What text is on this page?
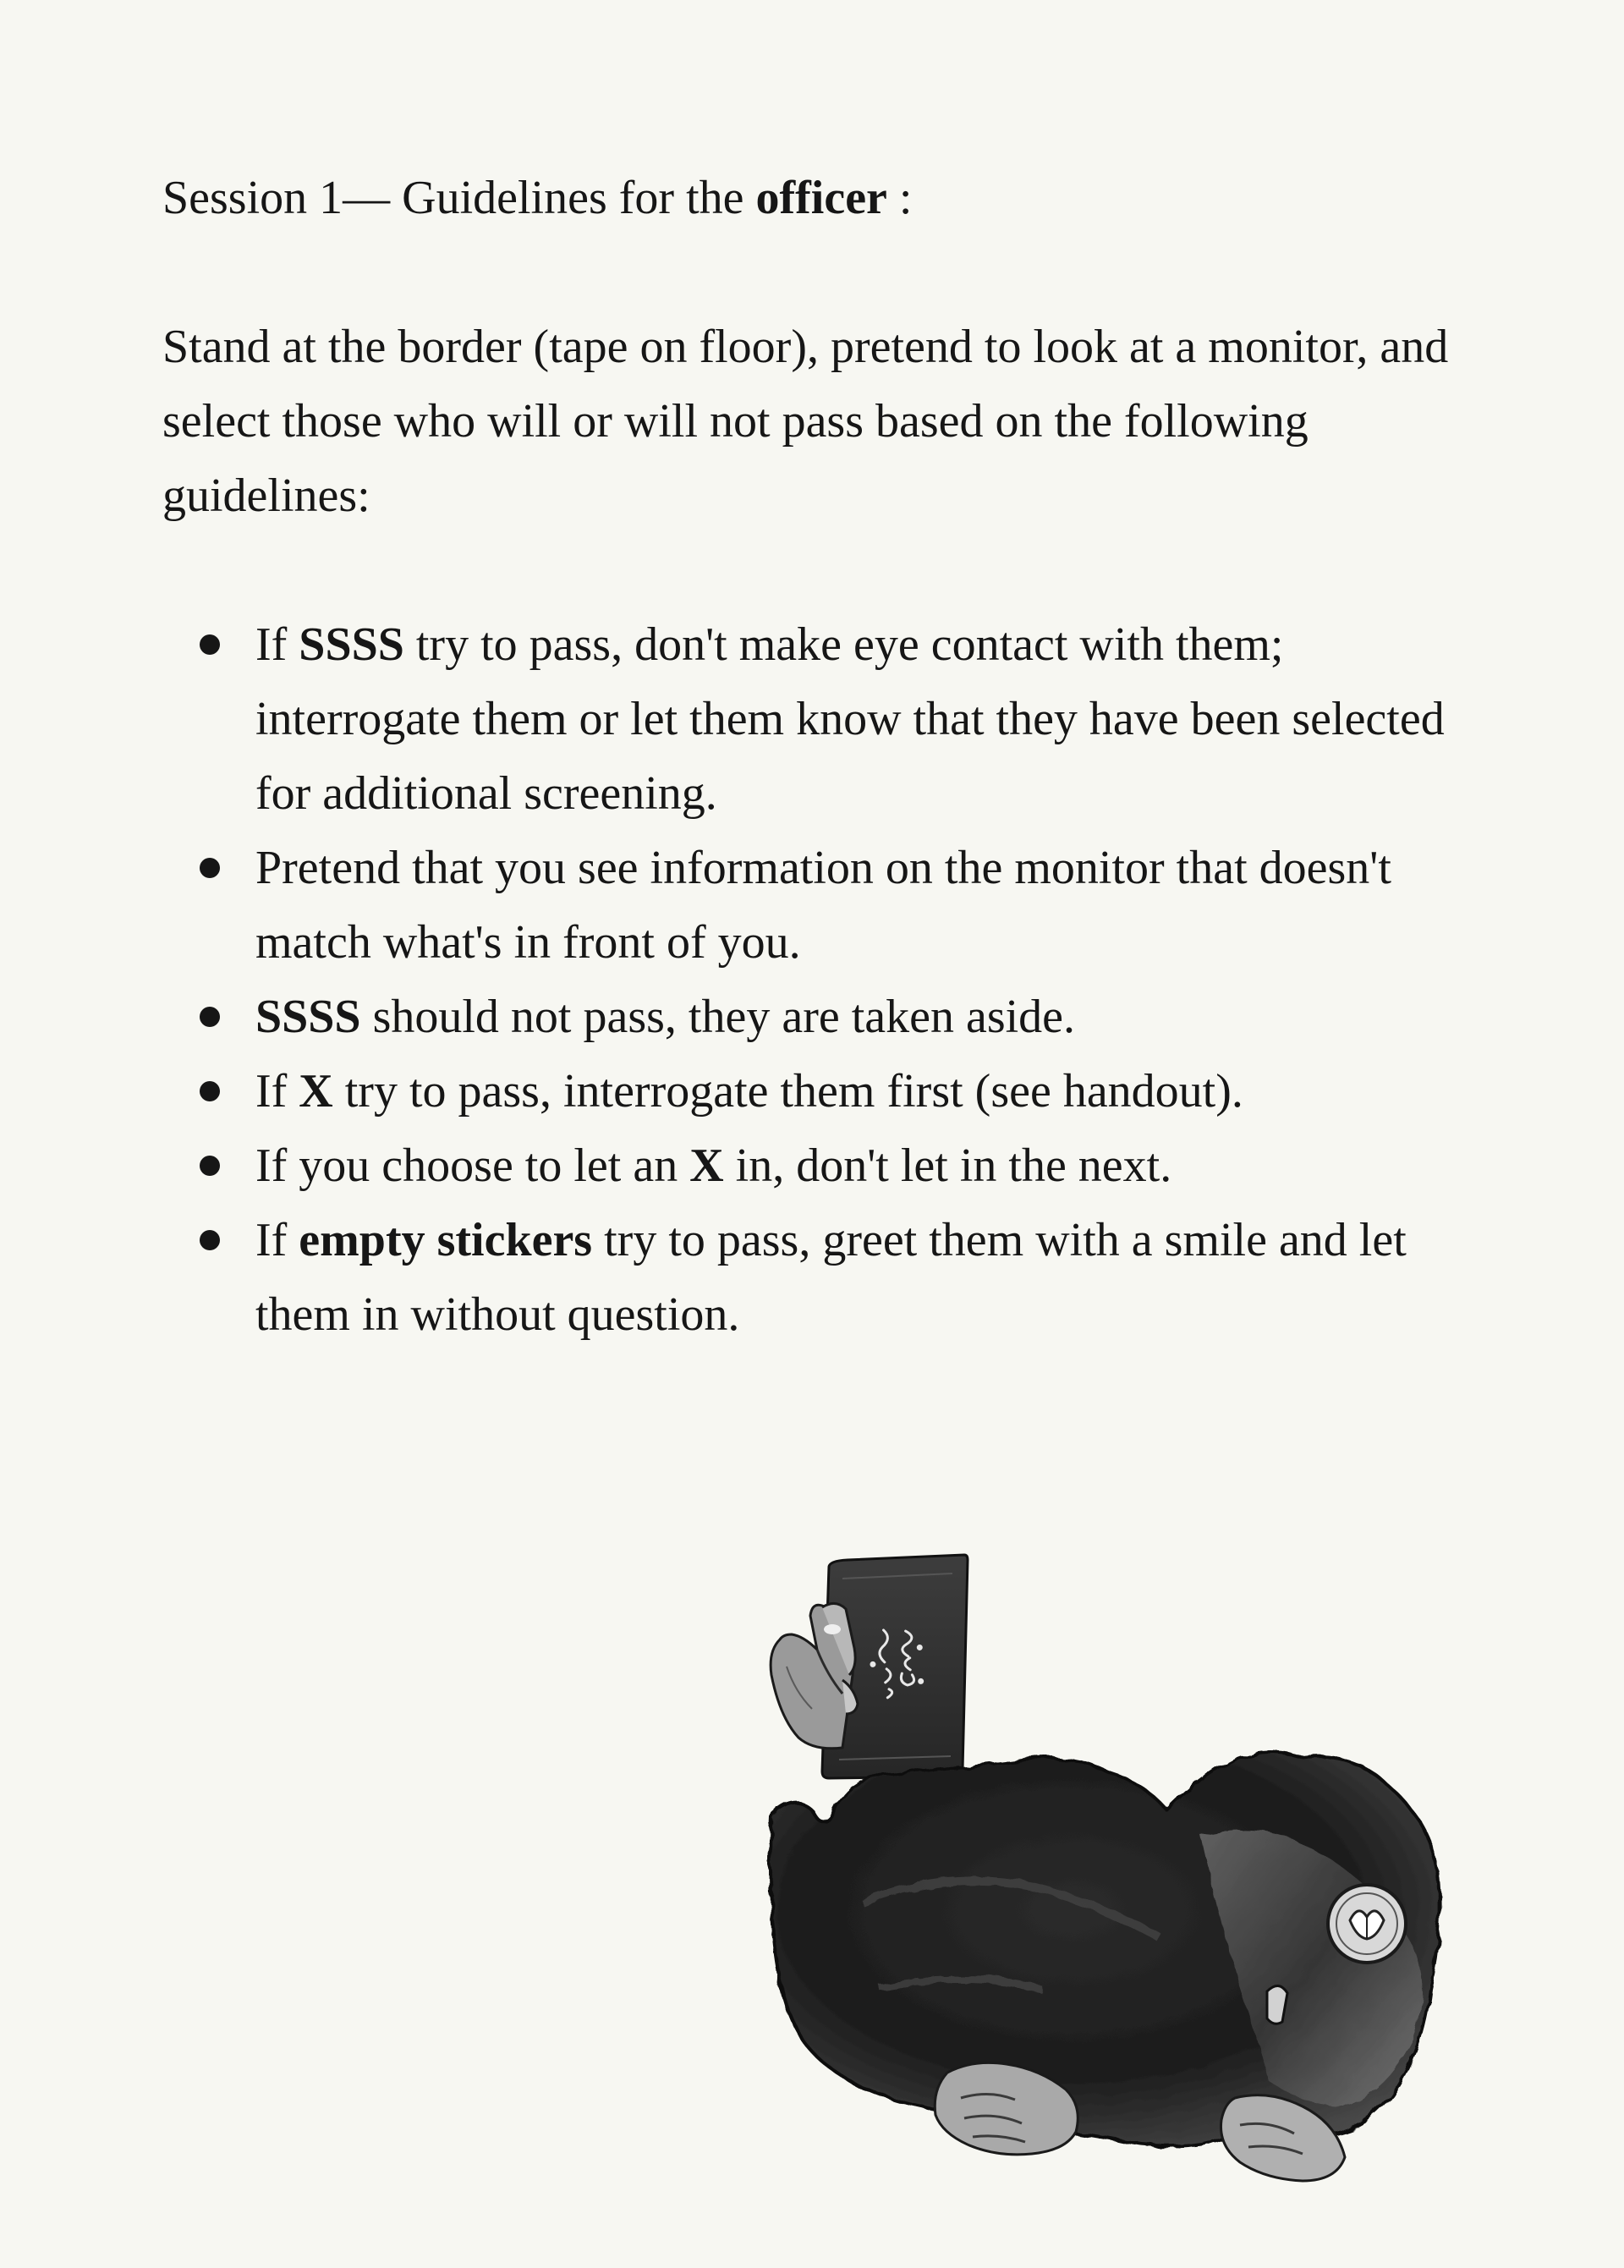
Session 1— Guidelines for the officer :

Stand at the border (tape on floor), pretend to look at a monitor, and select those who will or will not pass based on the following guidelines:

If SSSS try to pass, don't make eye contact with them; interrogate them or let them know that they have been selected for additional screening.
Pretend that you see information on the monitor that doesn't match what's in front of you.
SSSS should not pass, they are taken aside.
If X try to pass, interrogate them first (see handout).
If you choose to let an X in, don't let in the next.
If empty stickers try to pass, greet them with a smile and let them in without question.
